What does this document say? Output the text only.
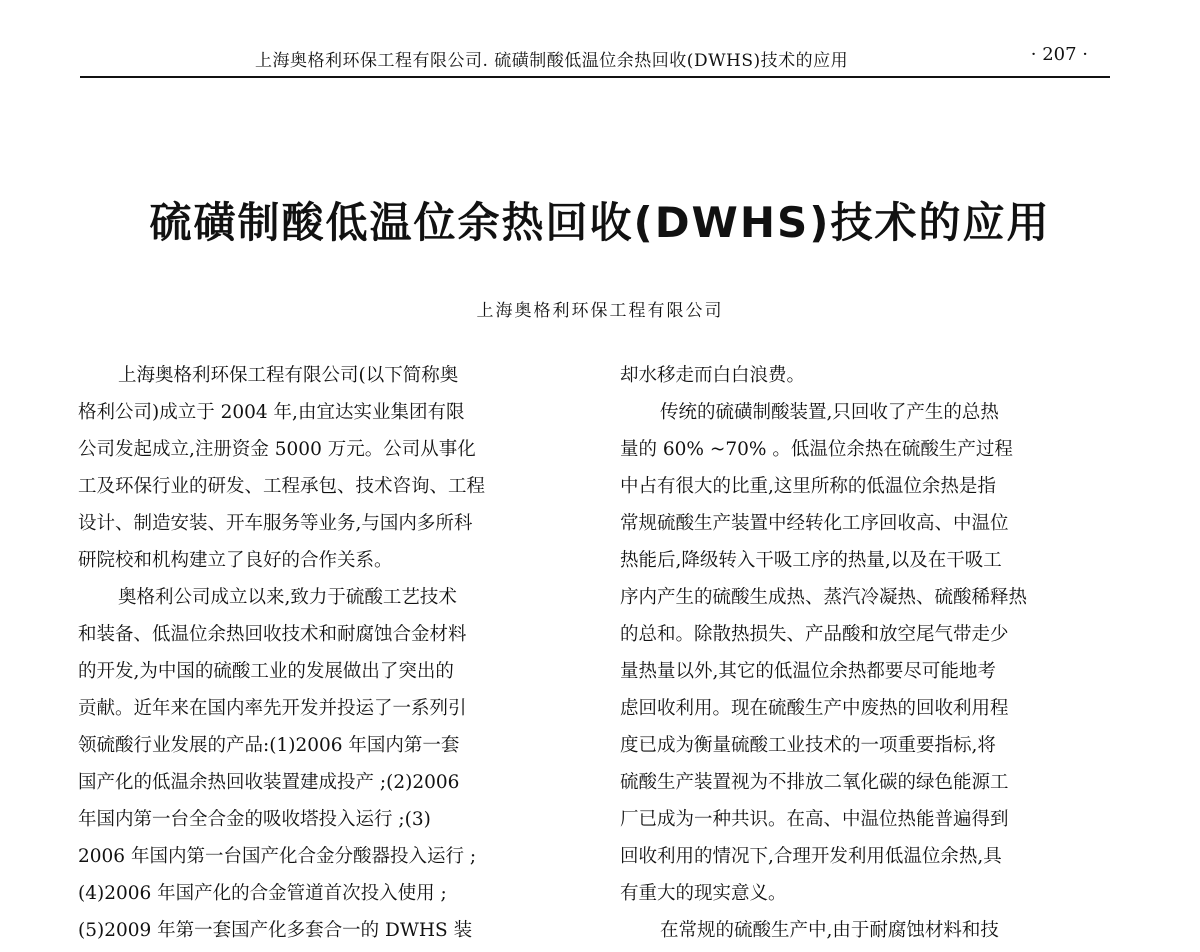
上海奥格利环保工程有限公司. 硫磺制酸低温位余热回收(DWHS)技术的应用	· 207 ·
硫磺制酸低温位余热回收(DWHS)技术的应用
上海奥格利环保工程有限公司
上海奥格利环保工程有限公司(以下简称奥
格利公司)成立于 2004 年,由宜达实业集团有限
公司发起成立,注册资金 5000 万元。公司从事化
工及环保行业的研发、工程承包、技术咨询、工程
设计、制造安装、开车服务等业务,与国内多所科
研院校和机构建立了良好的合作关系。
奥格利公司成立以来,致力于硫酸工艺技术
和装备、低温位余热回收技术和耐腐蚀合金材料
的开发,为中国的硫酸工业的发展做出了突出的
贡献。近年来在国内率先开发并投运了一系列引
领硫酸行业发展的产品:(1)2006 年国内第一套
国产化的低温余热回收装置建成投产 ;(2)2006
年国内第一台全合金的吸收塔投入运行 ;(3)
2006 年国内第一台国产化合金分酸器投入运行 ;
(4)2006 年国产化的合金管道首次投入使用 ;
(5)2009 年第一套国产化多套合一的 DWHS 装
却水移走而白白浪费。
传统的硫磺制酸装置,只回收了产生的总热
量的 60% ~70% 。低温位余热在硫酸生产过程
中占有很大的比重,这里所称的低温位余热是指
常规硫酸生产装置中经转化工序回收高、中温位
热能后,降级转入干吸工序的热量,以及在干吸工
序内产生的硫酸生成热、蒸汽冷凝热、硫酸稀释热
的总和。除散热损失、产品酸和放空尾气带走少
量热量以外,其它的低温位余热都要尽可能地考
虑回收利用。现在硫酸生产中废热的回收利用程
度已成为衡量硫酸工业技术的一项重要指标,将
硫酸生产装置视为不排放二氧化碳的绿色能源工
厂已成为一种共识。在高、中温位热能普遍得到
回收利用的情况下,合理开发利用低温位余热,具
有重大的现实意义。
在常规的硫酸生产中,由于耐腐蚀材料和技
